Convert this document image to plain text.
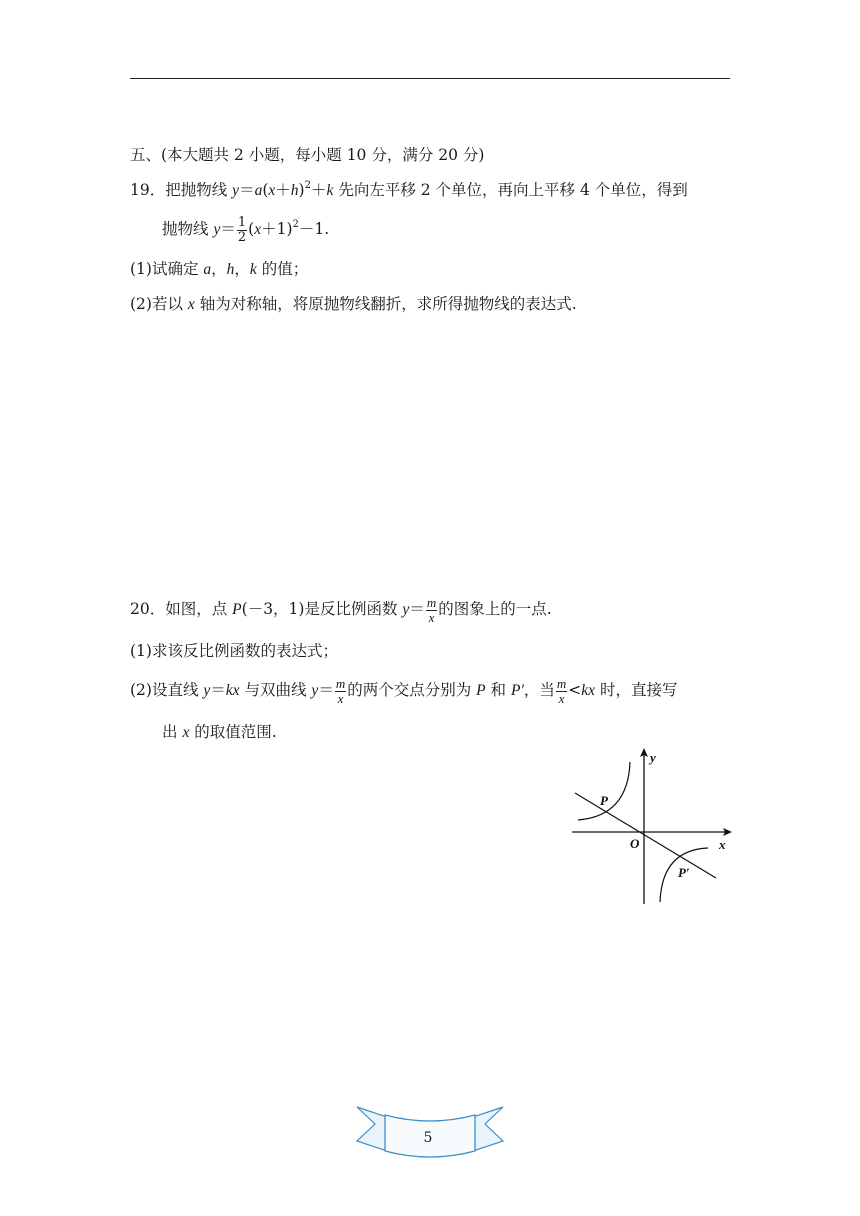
五、(本大题共 2 小题，每小题 10 分，满分 20 分)
19．把抛物线 $y=a(x+h)^2+k$ 先向左平移 2 个单位，再向上平移 4 个单位，得到
抛物线 $y= \frac{1}{2} (x+1)^2-1$.
(1)试确定 a，h，k 的值；
(2)若以 x 轴为对称轴，将原抛物线翻折，求所得抛物线的表达式.
20．如图，点 P(－3，1)是反比例函数 $y= \frac{m}{x}$ 的图象上的一点.
(1)求该反比例函数的表达式；
(2)设直线 y＝kx 与双曲线 $y= \frac{m}{x}$ 的两个交点分别为 P 和 P′，当 $\frac{m}{x} <kx$ 时，直接写
出 x 的取值范围.
y
x
O
P
P′
5
